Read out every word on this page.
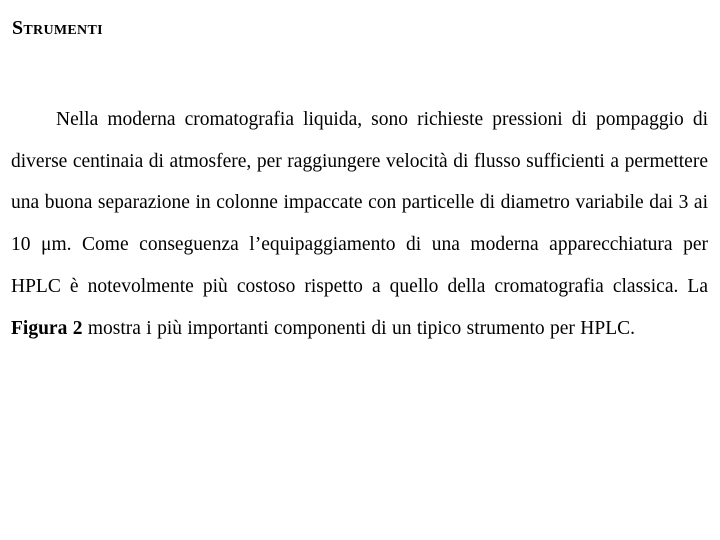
Strumenti

Nella moderna cromatografia liquida, sono richieste pressioni di pompaggio di diverse centinaia di atmosfere, per raggiungere velocità di flusso sufficienti a permettere una buona separazione in colonne impaccate con particelle di diametro variabile dai 3 ai 10 μm. Come conseguenza l’equipaggiamento di una moderna apparecchiatura per HPLC è notevolmente più costoso rispetto a quello della cromatografia classica. La Figura 2 mostra i più importanti componenti di un tipico strumento per HPLC.
